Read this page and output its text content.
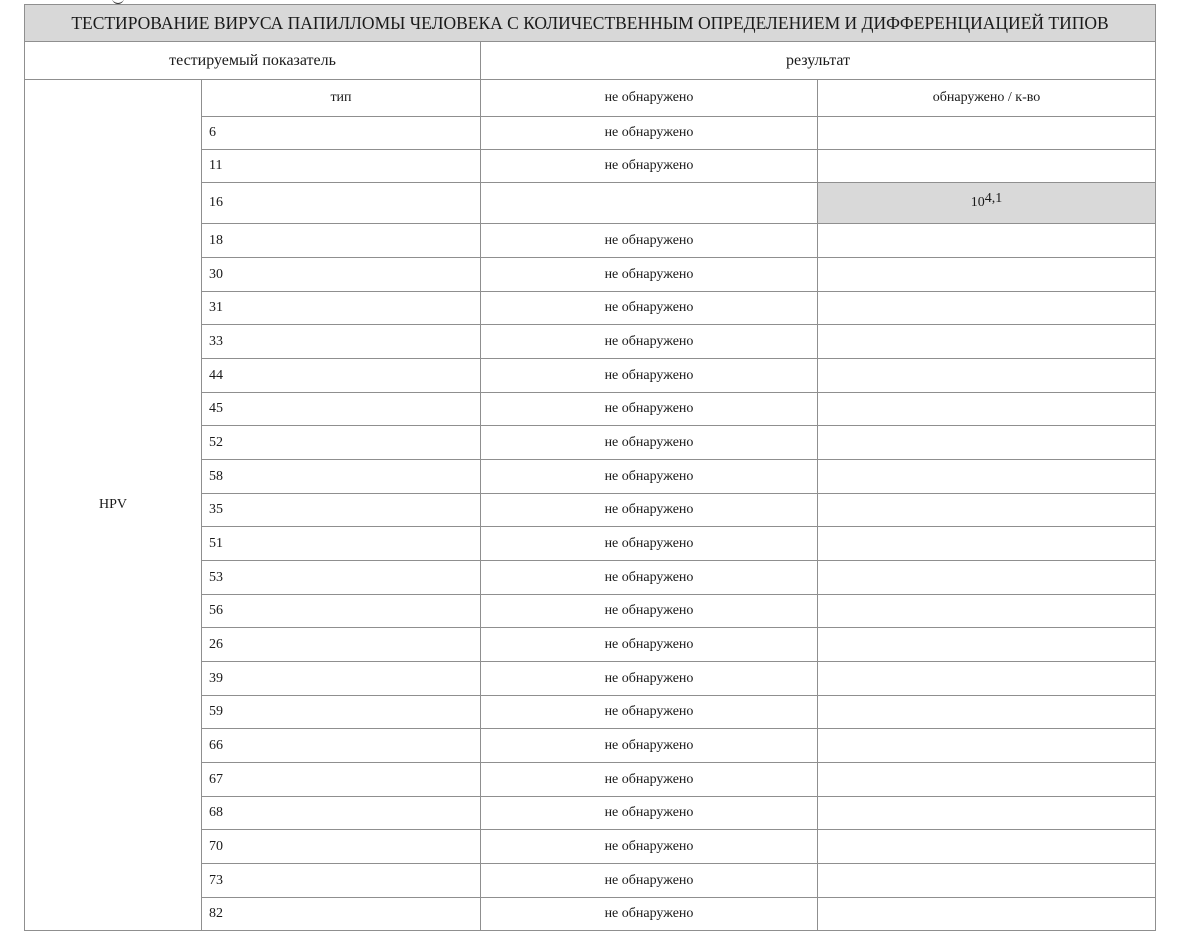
ТЕСТИРОВАНИЕ ВИРУСА ПАПИЛЛОМЫ ЧЕЛОВЕКА С КОЛИЧЕСТВЕННЫМ ОПРЕДЕЛЕНИЕМ И ДИФФЕРЕНЦИАЦИЕЙ ТИПОВ			
тестируемый показатель		результат	
HPV	тип	не обнаружено	обнаружено / к-во
	6	не обнаружено	
	11	не обнаружено	
	16		10$^{4,1}$
	18	не обнаружено	
	30	не обнаружено	
	31	не обнаружено	
	33	не обнаружено	
	44	не обнаружено	
	45	не обнаружено	
	52	не обнаружено	
	58	не обнаружено	
	35	не обнаружено	
	51	не обнаружено	
	53	не обнаружено	
	56	не обнаружено	
	26	не обнаружено	
	39	не обнаружено	
	59	не обнаружено	
	66	не обнаружено	
	67	не обнаружено	
	68	не обнаружено	
	70	не обнаружено	
	73	не обнаружено	
	82	не обнаружено	
